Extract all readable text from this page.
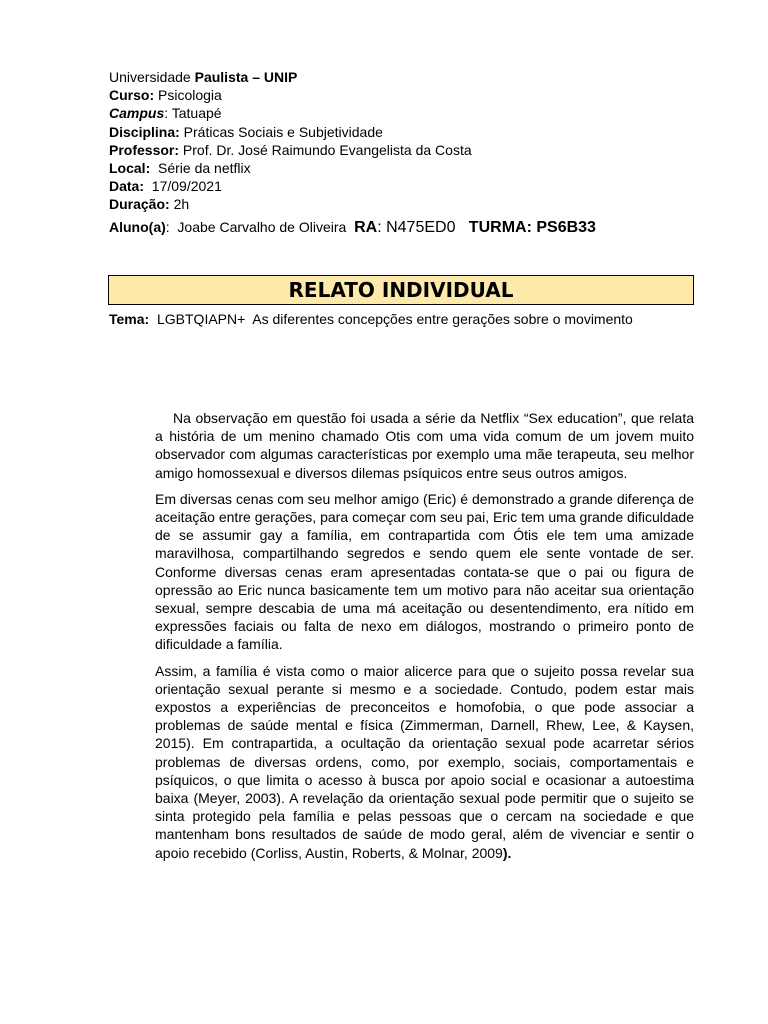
Universidade Paulista – UNIP
Curso: Psicologia
Campus: Tatuapé
Disciplina: Práticas Sociais e Subjetividade
Professor: Prof. Dr. José Raimundo Evangelista da Costa
Local:  Série da netflix
Data:  17/09/2021
Duração: 2h
Aluno(a):  Joabe Carvalho de Oliveira  RA: N475ED0   TURMA: PS6B33
RELATO INDIVIDUAL
Tema:  LGBTQIAPN+  As diferentes concepções entre gerações sobre o movimento

Na observação em questão foi usada a série da Netflix “Sex education”, que relata a história de um menino chamado Otis com uma vida comum de um jovem muito observador com algumas características por exemplo uma mãe terapeuta, seu melhor amigo homossexual e diversos dilemas psíquicos entre seus outros amigos.

Em diversas cenas com seu melhor amigo (Eric) é demonstrado a grande diferença de aceitação entre gerações, para começar com seu pai, Eric tem uma grande dificuldade de se assumir gay a família, em contrapartida com Ótis ele tem uma amizade maravilhosa, compartilhando segredos e sendo quem ele sente vontade de ser. Conforme diversas cenas eram apresentadas contata-se que o pai ou figura de opressão ao Eric nunca basicamente tem um motivo para não aceitar sua orientação sexual, sempre descabia de uma má aceitação ou desentendimento, era nítido em expressões faciais ou falta de nexo em diálogos, mostrando o primeiro ponto de dificuldade a família.

Assim, a família é vista como o maior alicerce para que o sujeito possa revelar sua orientação sexual perante si mesmo e a sociedade. Contudo, podem estar mais expostos a experiências de preconceitos e homofobia, o que pode associar a problemas de saúde mental e física (Zimmerman, Darnell, Rhew, Lee, & Kaysen, 2015). Em contrapartida, a ocultação da orientação sexual pode acarretar sérios problemas de diversas ordens, como, por exemplo, sociais, comportamentais e psíquicos, o que limita o acesso à busca por apoio social e ocasionar a autoestima baixa (Meyer, 2003). A revelação da orientação sexual pode permitir que o sujeito se sinta protegido pela família e pelas pessoas que o cercam na sociedade e que mantenham bons resultados de saúde de modo geral, além de vivenciar e sentir o apoio recebido (Corliss, Austin, Roberts, & Molnar, 2009).
